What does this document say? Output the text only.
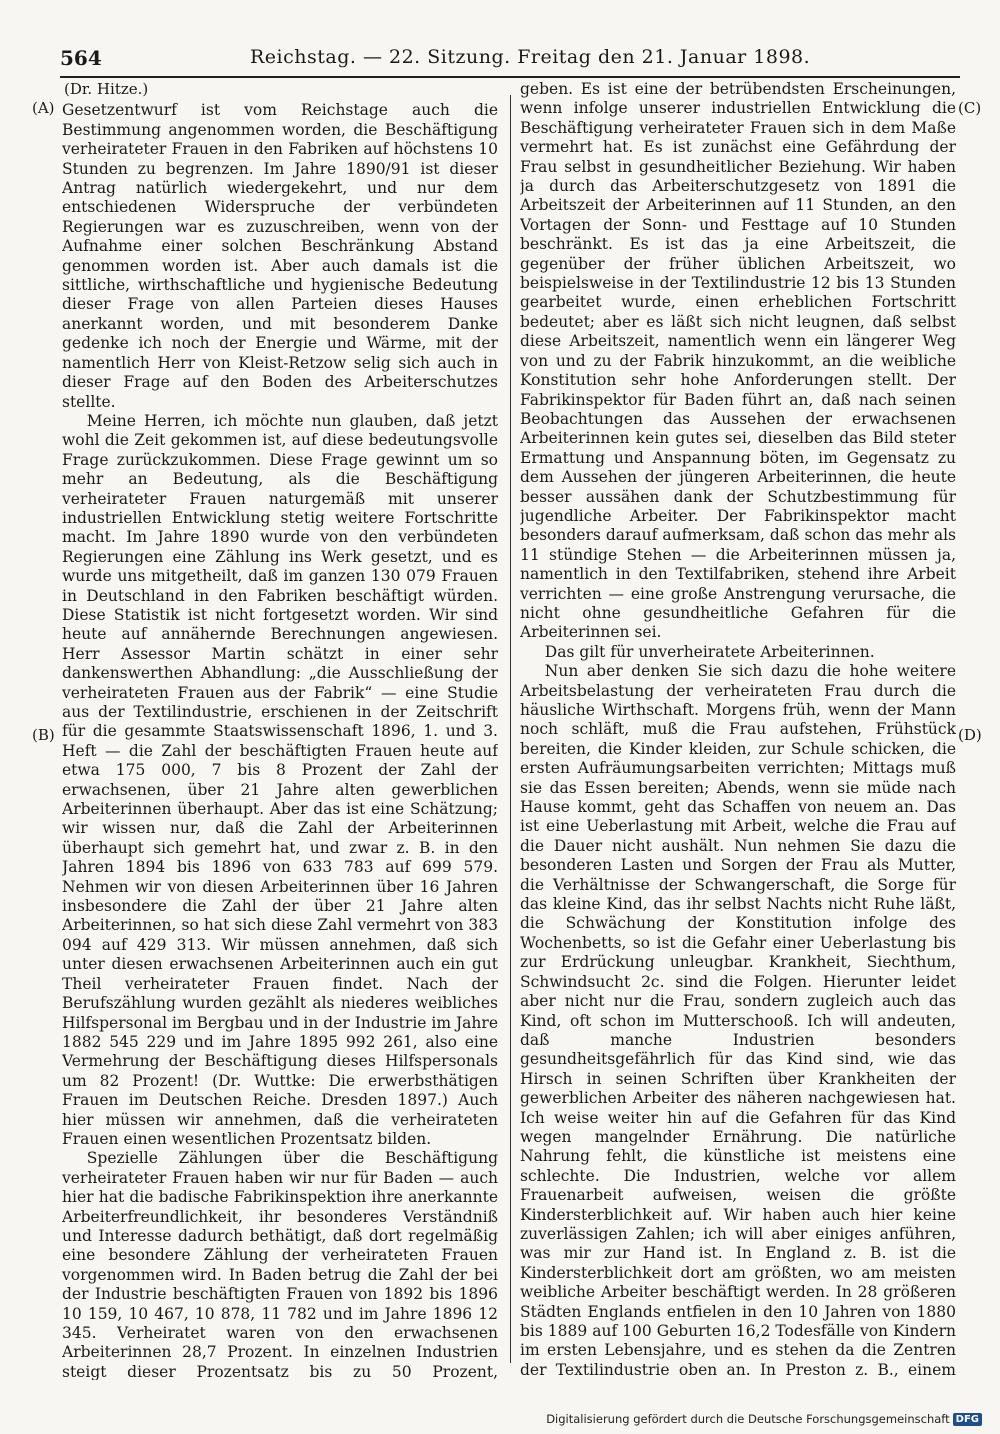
564	Reichstag. — 22. Sitzung. Freitag den 21. Januar 1898.
(Dr. Hitze.)

Gesetzentwurf ist vom Reichstage auch die Bestimmung angenommen worden, die Beschäftigung verheirateter Frauen in den Fabriken auf höchstens 10 Stunden zu begrenzen. Im Jahre 1890/91 ist dieser Antrag natürlich wiedergekehrt, und nur dem entschiedenen Widerspruche der verbündeten Regierungen war es zuzuschreiben, wenn von der Aufnahme einer solchen Beschränkung Abstand genommen worden ist. Aber auch damals ist die sittliche, wirthschaftliche und hygienische Bedeutung dieser Frage von allen Parteien dieses Hauses anerkannt worden, und mit besonderem Danke gedenke ich noch der Energie und Wärme, mit der namentlich Herr von Kleist-Retzow selig sich auch in dieser Frage auf den Boden des Arbeiterschutzes stellte.

Meine Herren, ich möchte nun glauben, daß jetzt wohl die Zeit gekommen ist, auf diese bedeutungsvolle Frage zurückzukommen. Diese Frage gewinnt um so mehr an Bedeutung, als die Beschäftigung verheirateter Frauen naturgemäß mit unserer industriellen Entwicklung stetig weitere Fortschritte macht. Im Jahre 1890 wurde von den verbündeten Regierungen eine Zählung ins Werk gesetzt, und es wurde uns mitgetheilt, daß im ganzen 130 079 Frauen in Deutschland in den Fabriken beschäftigt würden. Diese Statistik ist nicht fortgesetzt worden. Wir sind heute auf annähernde Berechnungen angewiesen. Herr Assessor Martin schätzt in einer sehr dankenswerthen Abhandlung: „die Ausschließung der verheirateten Frauen aus der Fabrik“ — eine Studie aus der Textilindustrie, erschienen in der Zeitschrift für die gesammte Staatswissenschaft 1896, 1. und 3. Heft — die Zahl der beschäftigten Frauen heute auf etwa 175 000, 7 bis 8 Prozent der Zahl der erwachsenen, über 21 Jahre alten gewerblichen Arbeiterinnen überhaupt. Aber das ist eine Schätzung; wir wissen nur, daß die Zahl der Arbeiterinnen überhaupt sich gemehrt hat, und zwar z. B. in den Jahren 1894 bis 1896 von 633 783 auf 699 579. Nehmen wir von diesen Arbeiterinnen über 16 Jahren insbesondere die Zahl der über 21 Jahre alten Arbeiterinnen, so hat sich diese Zahl vermehrt von 383 094 auf 429 313. Wir müssen annehmen, daß sich unter diesen erwachsenen Arbeiterinnen auch ein gut Theil verheirateter Frauen findet. Nach der Berufszählung wurden gezählt als niederes weibliches Hilfspersonal im Bergbau und in der Industrie im Jahre 1882 545 229 und im Jahre 1895 992 261, also eine Vermehrung der Beschäftigung dieses Hilfspersonals um 82 Prozent! (Dr. Wuttke: Die erwerbsthätigen Frauen im Deutschen Reiche. Dresden 1897.) Auch hier müssen wir annehmen, daß die verheirateten Frauen einen wesentlichen Prozentsatz bilden.

Spezielle Zählungen über die Beschäftigung verheirateter Frauen haben wir nur für Baden — auch hier hat die badische Fabrikinspektion ihre anerkannte Arbeiterfreundlichkeit, ihr besonderes Verständniß und Interesse dadurch bethätigt, daß dort regelmäßig eine besondere Zählung der verheirateten Frauen vorgenommen wird. In Baden betrug die Zahl der bei der Industrie beschäftigten Frauen von 1892 bis 1896 10 159, 10 467, 10 878, 11 782 und im Jahre 1896 12 345. Verheiratet waren von den erwachsenen Arbeiterinnen 28,7 Prozent. In einzelnen Industrien steigt dieser Prozentsatz bis zu 50 Prozent,

geben. Es ist eine der betrübendsten Erscheinungen, wenn infolge unserer industriellen Entwicklung die Beschäftigung verheirateter Frauen sich in dem Maße vermehrt hat. Es ist zunächst eine Gefährdung der Frau selbst in gesundheitlicher Beziehung. Wir haben ja durch das Arbeiterschutzgesetz von 1891 die Arbeitszeit der Arbeiterinnen auf 11 Stunden, an den Vortagen der Sonn- und Festtage auf 10 Stunden beschränkt. Es ist das ja eine Arbeitszeit, die gegenüber der früher üblichen Arbeitszeit, wo beispielsweise in der Textilindustrie 12 bis 13 Stunden gearbeitet wurde, einen erheblichen Fortschritt bedeutet; aber es läßt sich nicht leugnen, daß selbst diese Arbeitszeit, namentlich wenn ein längerer Weg von und zu der Fabrik hinzukommt, an die weibliche Konstitution sehr hohe Anforderungen stellt. Der Fabrikinspektor für Baden führt an, daß nach seinen Beobachtungen das Aussehen der erwachsenen Arbeiterinnen kein gutes sei, dieselben das Bild steter Ermattung und Anspannung böten, im Gegensatz zu dem Aussehen der jüngeren Arbeiterinnen, die heute besser aussähen dank der Schutzbestimmung für jugendliche Arbeiter. Der Fabrikinspektor macht besonders darauf aufmerksam, daß schon das mehr als 11 stündige Stehen — die Arbeiterinnen müssen ja, namentlich in den Textilfabriken, stehend ihre Arbeit verrichten — eine große Anstrengung verursache, die nicht ohne gesundheitliche Gefahren für die Arbeiterinnen sei.

Das gilt für unverheiratete Arbeiterinnen.

Nun aber denken Sie sich dazu die hohe weitere Arbeitsbelastung der verheirateten Frau durch die häusliche Wirthschaft. Morgens früh, wenn der Mann noch schläft, muß die Frau aufstehen, Frühstück bereiten, die Kinder kleiden, zur Schule schicken, die ersten Aufräumungsarbeiten verrichten; Mittags muß sie das Essen bereiten; Abends, wenn sie müde nach Hause kommt, geht das Schaffen von neuem an. Das ist eine Ueberlastung mit Arbeit, welche die Frau auf die Dauer nicht aushält. Nun nehmen Sie dazu die besonderen Lasten und Sorgen der Frau als Mutter, die Verhältnisse der Schwangerschaft, die Sorge für das kleine Kind, das ihr selbst Nachts nicht Ruhe läßt, die Schwächung der Konstitution infolge des Wochenbetts, so ist die Gefahr einer Ueberlastung bis zur Erdrückung unleugbar. Krankheit, Siechthum, Schwindsucht 2c. sind die Folgen. Hierunter leidet aber nicht nur die Frau, sondern zugleich auch das Kind, oft schon im Mutterschooß. Ich will andeuten, daß manche Industrien besonders gesundheitsgefährlich für das Kind sind, wie das Hirsch in seinen Schriften über Krankheiten der gewerblichen Arbeiter des näheren nachgewiesen hat. Ich weise weiter hin auf die Gefahren für das Kind wegen mangelnder Ernährung. Die natürliche Nahrung fehlt, die künstliche ist meistens eine schlechte. Die Industrien, welche vor allem Frauenarbeit aufweisen, weisen die größte Kindersterblichkeit auf. Wir haben auch hier keine zuverlässigen Zahlen; ich will aber einiges anführen, was mir zur Hand ist. In England z. B. ist die Kindersterblichkeit dort am größten, wo am meisten weibliche Arbeiter beschäftigt werden. In 28 größeren Städten Englands entfielen in den 10 Jahren von 1880 bis 1889 auf 100 Geburten 16,2 Todesfälle von Kindern im ersten Lebensjahre, und es stehen da die Zentren der Textilindustrie oben an. In Preston z. B., einem

(A)
(B)
(C)
(D)
Digitalisierung gefördert durch die Deutsche Forschungsgemeinschaft DFG
